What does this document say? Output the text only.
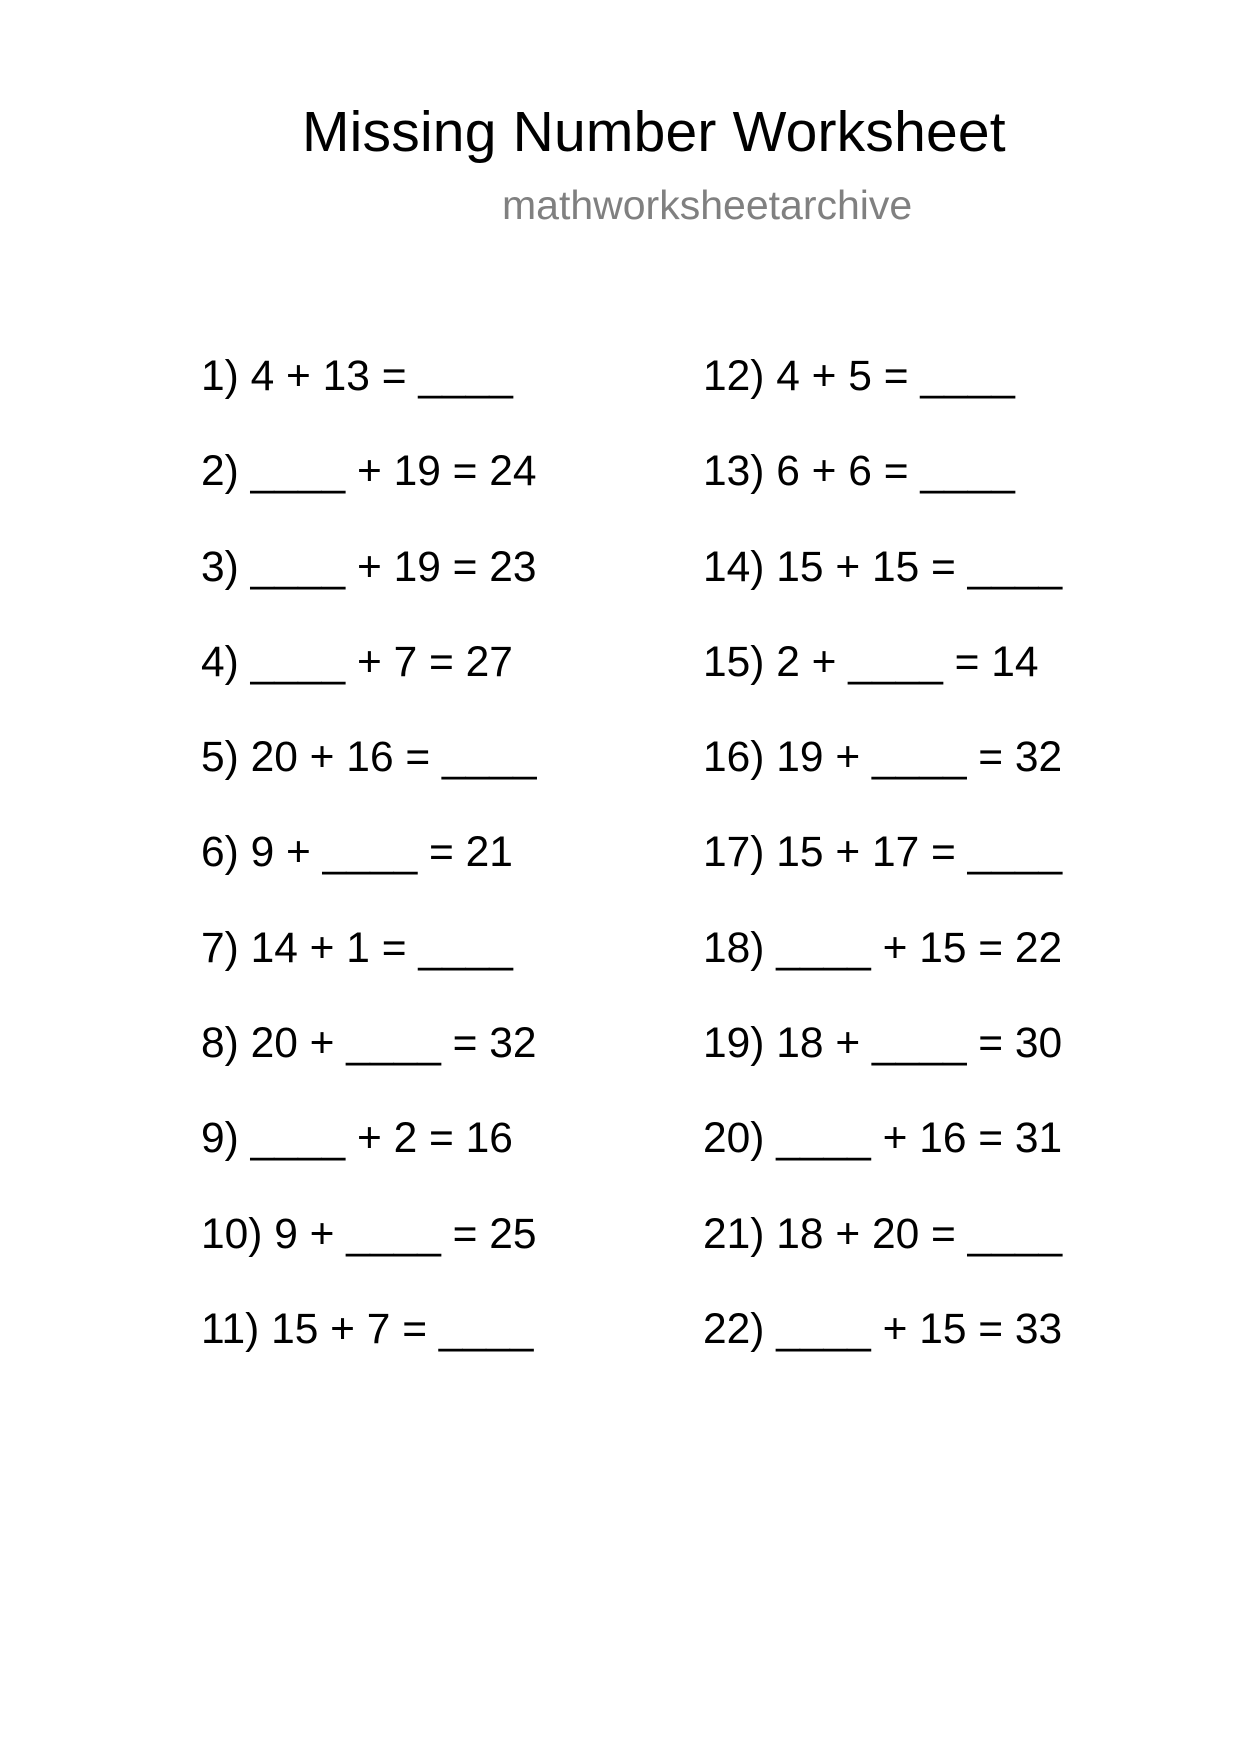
Missing Number Worksheet
mathworksheetarchive
1) 4 + 13 = ____
2) ____ + 19 = 24
3) ____ + 19 = 23
4) ____ + 7 = 27
5) 20 + 16 = ____
6) 9 + ____ = 21
7) 14 + 1 = ____
8) 20 + ____ = 32
9) ____ + 2 = 16
10) 9 + ____ = 25
11) 15 + 7 = ____
12) 4 + 5 = ____
13) 6 + 6 = ____
14) 15 + 15 = ____
15) 2 + ____ = 14
16) 19 + ____ = 32
17) 15 + 17 = ____
18) ____ + 15 = 22
19) 18 + ____ = 30
20) ____ + 16 = 31
21) 18 + 20 = ____
22) ____ + 15 = 33
